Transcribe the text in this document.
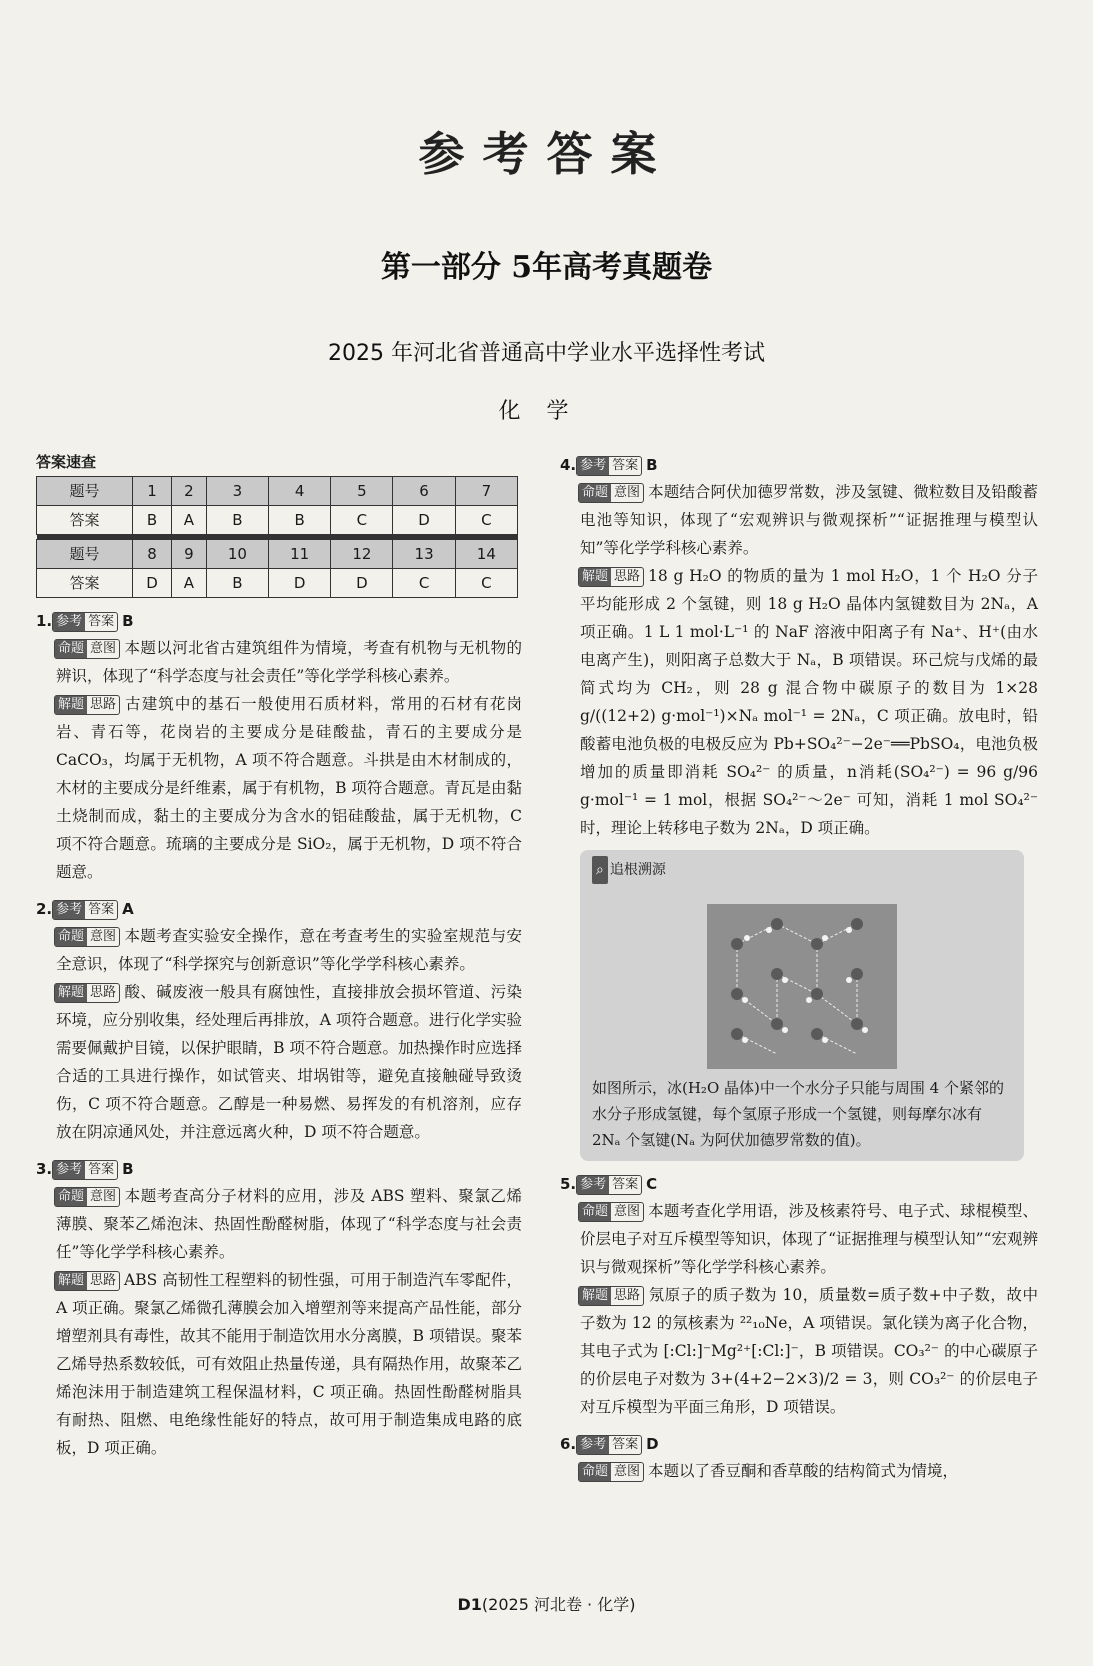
参考答案
第一部分 5年高考真题卷
2025 年河北省普通高中学业水平选择性考试
化学
答案速查
题号	1	2	3	4	5	6	7
答案	B	A	B	B	C	D	C

题号	8	9	10	11	12	13	14
答案	D	A	B	D	D	C	C
1. 参考 答案 B

命题 意图 本题以河北省古建筑组件为情境，考查有机物与无机物的辨识，体现了“科学态度与社会责任”等化学学科核心素养。

解题 思路 古建筑中的基石一般使用石质材料，常用的石材有花岗岩、青石等，花岗岩的主要成分是硅酸盐，青石的主要成分是 CaCO₃，均属于无机物，A 项不符合题意。斗拱是由木材制成的，木材的主要成分是纤维素，属于有机物，B 项符合题意。青瓦是由黏土烧制而成，黏土的主要成分为含水的铝硅酸盐，属于无机物，C 项不符合题意。琉璃的主要成分是 SiO₂，属于无机物，D 项不符合题意。

2. 参考 答案 A

命题 意图 本题考查实验安全操作，意在考查考生的实验室规范与安全意识，体现了“科学探究与创新意识”等化学学科核心素养。

解题 思路 酸、碱废液一般具有腐蚀性，直接排放会损坏管道、污染环境，应分别收集，经处理后再排放，A 项符合题意。进行化学实验需要佩戴护目镜，以保护眼睛，B 项不符合题意。加热操作时应选择合适的工具进行操作，如试管夹、坩埚钳等，避免直接触碰导致烫伤，C 项不符合题意。乙醇是一种易燃、易挥发的有机溶剂，应存放在阴凉通风处，并注意远离火种，D 项不符合题意。

3. 参考 答案 B

命题 意图 本题考查高分子材料的应用，涉及 ABS 塑料、聚氯乙烯薄膜、聚苯乙烯泡沫、热固性酚醛树脂，体现了“科学态度与社会责任”等化学学科核心素养。

解题 思路 ABS 高韧性工程塑料的韧性强，可用于制造汽车零配件，A 项正确。聚氯乙烯微孔薄膜会加入增塑剂等来提高产品性能，部分增塑剂具有毒性，故其不能用于制造饮用水分离膜，B 项错误。聚苯乙烯导热系数较低，可有效阻止热量传递，具有隔热作用，故聚苯乙烯泡沫用于制造建筑工程保温材料，C 项正确。热固性酚醛树脂具有耐热、阻燃、电绝缘性能好的特点，故可用于制造集成电路的底板，D 项正确。

4. 参考 答案 B

命题 意图 本题结合阿伏加德罗常数，涉及氢键、微粒数目及铅酸蓄电池等知识，体现了“宏观辨识与微观探析”“证据推理与模型认知”等化学学科核心素养。

解题 思路 18 g H₂O 的物质的量为 1 mol H₂O，1 个 H₂O 分子平均能形成 2 个氢键，则 18 g H₂O 晶体内氢键数目为 2Nₐ，A 项正确。1 L 1 mol·L⁻¹ 的 NaF 溶液中阳离子有 Na⁺、H⁺(由水电离产生)，则阳离子总数大于 Nₐ，B 项错误。环己烷与戊烯的最简式均为 CH₂，则 28 g 混合物中碳原子的数目为 1×28 g/((12+2) g·mol⁻¹)×Nₐ mol⁻¹ = 2Nₐ，C 项正确。放电时，铅酸蓄电池负极的电极反应为 Pb+SO₄²⁻−2e⁻══PbSO₄，电池负极增加的质量即消耗 SO₄²⁻ 的质量，n消耗(SO₄²⁻) = 96 g/96 g·mol⁻¹ = 1 mol，根据 SO₄²⁻～2e⁻ 可知，消耗 1 mol SO₄²⁻ 时，理论上转移电子数为 2Nₐ，D 项正确。

⌕ 追根溯源
如图所示，冰(H₂O 晶体)中一个水分子只能与周围 4 个紧邻的水分子形成氢键，每个氢原子形成一个氢键，则每摩尔冰有 2Nₐ 个氢键(Nₐ 为阿伏加德罗常数的值)。
5. 参考 答案 C

命题 意图 本题考查化学用语，涉及核素符号、电子式、球棍模型、价层电子对互斥模型等知识，体现了“证据推理与模型认知”“宏观辨识与微观探析”等化学学科核心素养。

解题 思路 氖原子的质子数为 10，质量数=质子数+中子数，故中子数为 12 的氖核素为 ²²₁₀Ne，A 项错误。氯化镁为离子化合物，其电子式为 [:Cl:]⁻Mg²⁺[:Cl:]⁻，B 项错误。CO₃²⁻ 的中心碳原子的价层电子对数为 3+(4+2−2×3)/2 = 3，则 CO₃²⁻ 的价层电子对互斥模型为平面三角形，D 项错误。

6. 参考 答案 D

命题 意图 本题以了香豆酮和香草酸的结构简式为情境，

D1(2025 河北卷 · 化学)
